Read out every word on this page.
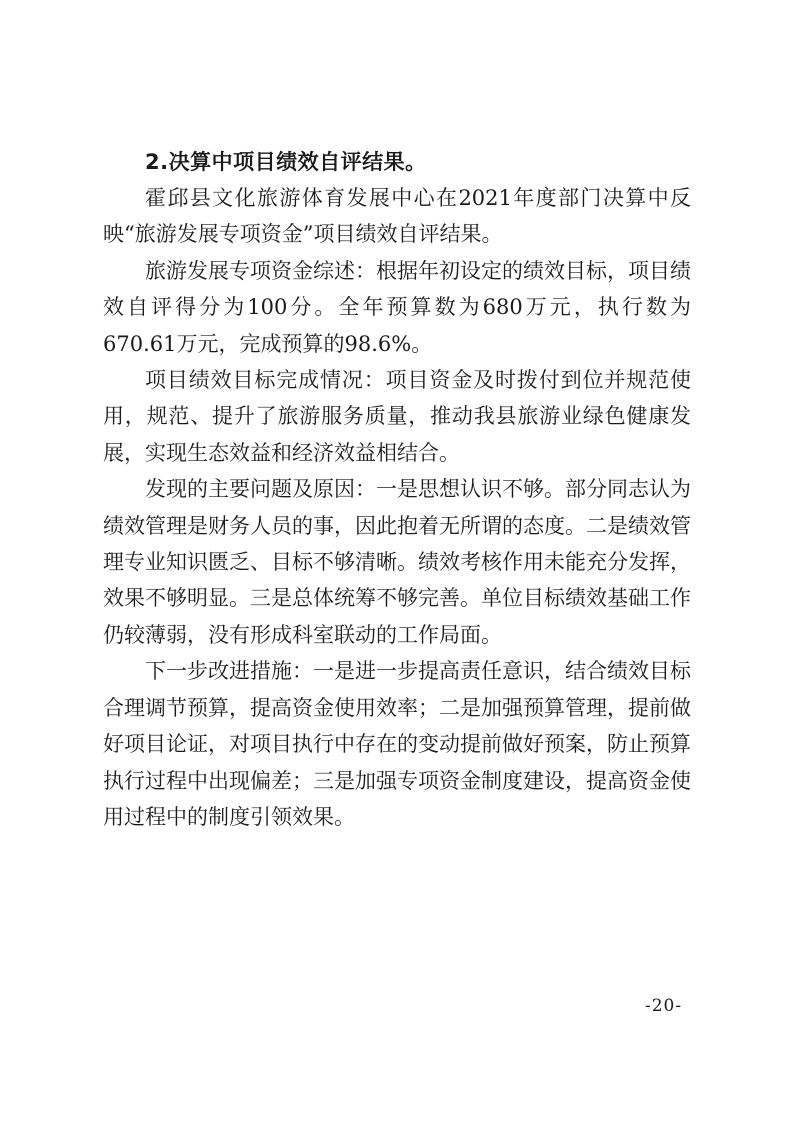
2.决算中项目绩效自评结果。

霍邱县文化旅游体育发展中心在2021年度部门决算中反映“旅游发展专项资金”项目绩效自评结果。

旅游发展专项资金综述：根据年初设定的绩效目标，项目绩效自评得分为100分。全年预算数为680万元，执行数为670.61万元，完成预算的98.6%。

项目绩效目标完成情况：项目资金及时拨付到位并规范使用，规范、提升了旅游服务质量，推动我县旅游业绿色健康发展，实现生态效益和经济效益相结合。

发现的主要问题及原因：一是思想认识不够。部分同志认为绩效管理是财务人员的事，因此抱着无所谓的态度。二是绩效管理专业知识匮乏、目标不够清晰。绩效考核作用未能充分发挥，效果不够明显。三是总体统筹不够完善。单位目标绩效基础工作仍较薄弱，没有形成科室联动的工作局面。

下一步改进措施：一是进一步提高责任意识，结合绩效目标合理调节预算，提高资金使用效率；二是加强预算管理，提前做好项目论证，对项目执行中存在的变动提前做好预案，防止预算执行过程中出现偏差；三是加强专项资金制度建设，提高资金使用过程中的制度引领效果。

-20-
